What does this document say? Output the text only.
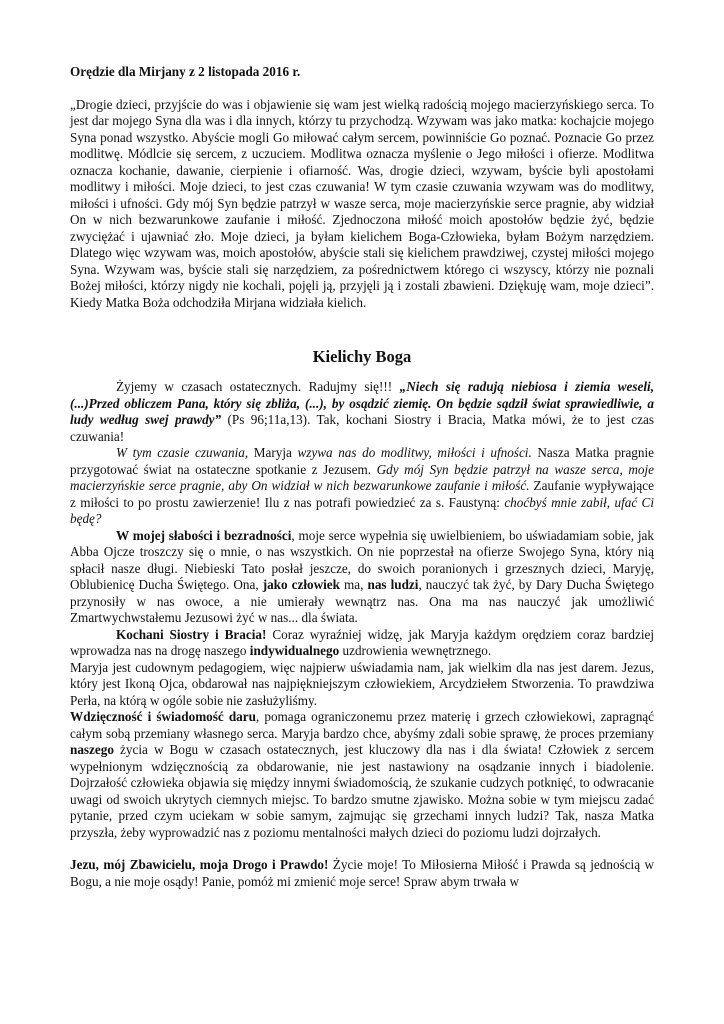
Orędzie dla Mirjany z 2 listopada 2016 r.

„Drogie dzieci, przyjście do was i objawienie się wam jest wielką radością mojego macierzyńskiego serca. To jest dar mojego Syna dla was i dla innych, którzy tu przychodzą. Wzywam was jako matka: kochajcie mojego Syna ponad wszystko. Abyście mogli Go miłować całym sercem, powinniście Go poznać. Poznacie Go przez modlitwę. Módlcie się sercem, z uczuciem. Modlitwa oznacza myślenie o Jego miłości i ofierze. Modlitwa oznacza kochanie, dawanie, cierpienie i ofiarność. Was, drogie dzieci, wzywam, byście byli apostołami modlitwy i miłości. Moje dzieci, to jest czas czuwania! W tym czasie czuwania wzywam was do modlitwy, miłości i ufności. Gdy mój Syn będzie patrzył w wasze serca, moje macierzyńskie serce pragnie, aby widział On w nich bezwarunkowe zaufanie i miłość. Zjednoczona miłość moich apostołów będzie żyć, będzie zwyciężać i ujawniać zło. Moje dzieci, ja byłam kielichem Boga-Człowieka, byłam Bożym narzędziem. Dlatego więc wzywam was, moich apostołów, abyście stali się kielichem prawdziwej, czystej miłości mojego Syna. Wzywam was, byście stali się narzędziem, za pośrednictwem którego ci wszyscy, którzy nie poznali Bożej miłości, którzy nigdy nie kochali, pojęli ją, przyjęli ją i zostali zbawieni. Dziękuję wam, moje dzieci”. Kiedy Matka Boża odchodziła Mirjana widziała kielich.

Kielichy Boga

Żyjemy w czasach ostatecznych. Radujmy się!!! „Niech się radują niebiosa i ziemia weseli, (...)Przed obliczem Pana, który się zbliża, (...), by osądzić ziemię. On będzie sądził świat sprawiedliwie, a ludy według swej prawdy” (Ps 96;11a,13). Tak, kochani Siostry i Bracia, Matka mówi, że to jest czas czuwania!

W tym czasie czuwania, Maryja wzywa nas do modlitwy, miłości i ufności. Nasza Matka pragnie przygotować świat na ostateczne spotkanie z Jezusem. Gdy mój Syn będzie patrzył na wasze serca, moje macierzyńskie serce pragnie, aby On widział w nich bezwarunkowe zaufanie i miłość. Zaufanie wypływające z miłości to po prostu zawierzenie! Ilu z nas potrafi powiedzieć za s. Faustyną: choćbyś mnie zabił, ufać Ci będę?

W mojej słabości i bezradności, moje serce wypełnia się uwielbieniem, bo uświadamiam sobie, jak Abba Ojcze troszczy się o mnie, o nas wszystkich. On nie poprzestał na ofierze Swojego Syna, który nią spłacił nasze długi. Niebieski Tato posłał jeszcze, do swoich poranionych i grzesznych dzieci, Maryję, Oblubienicę Ducha Świętego. Ona, jako człowiek ma, nas ludzi, nauczyć tak żyć, by Dary Ducha Świętego przynosiły w nas owoce, a nie umierały wewnątrz nas. Ona ma nas nauczyć jak umożliwić Zmartwychwstałemu Jezusowi żyć w nas... dla świata.

Kochani Siostry i Bracia! Coraz wyraźniej widzę, jak Maryja każdym orędziem coraz bardziej wprowadza nas na drogę naszego indywidualnego uzdrowienia wewnętrznego.

Maryja jest cudownym pedagogiem, więc najpierw uświadamia nam, jak wielkim dla nas jest darem. Jezus, który jest Ikoną Ojca, obdarował nas najpiękniejszym człowiekiem, Arcydziełem Stworzenia. To prawdziwa Perła, na którą w ogóle sobie nie zasłużyliśmy.

Wdzięczność i świadomość daru, pomaga ograniczonemu przez materię i grzech człowiekowi, zapragnąć całym sobą przemiany własnego serca. Maryja bardzo chce, abyśmy zdali sobie sprawę, że proces przemiany naszego życia w Bogu w czasach ostatecznych, jest kluczowy dla nas i dla świata! Człowiek z sercem wypełnionym wdzięcznością za obdarowanie, nie jest nastawiony na osądzanie innych i biadolenie. Dojrzałość człowieka objawia się między innymi świadomością, że szukanie cudzych potknięć, to odwracanie uwagi od swoich ukrytych ciemnych miejsc. To bardzo smutne zjawisko. Można sobie w tym miejscu zadać pytanie, przed czym uciekam w sobie samym, zajmując się grzechami innych ludzi? Tak, nasza Matka przyszła, żeby wyprowadzić nas z poziomu mentalności małych dzieci do poziomu ludzi dojrzałych.

Jezu, mój Zbawicielu, moja Drogo i Prawdo! Życie moje! To Miłosierna Miłość i Prawda są jednością w Bogu, a nie moje osądy! Panie, pomóż mi zmienić moje serce! Spraw abym trwała w
